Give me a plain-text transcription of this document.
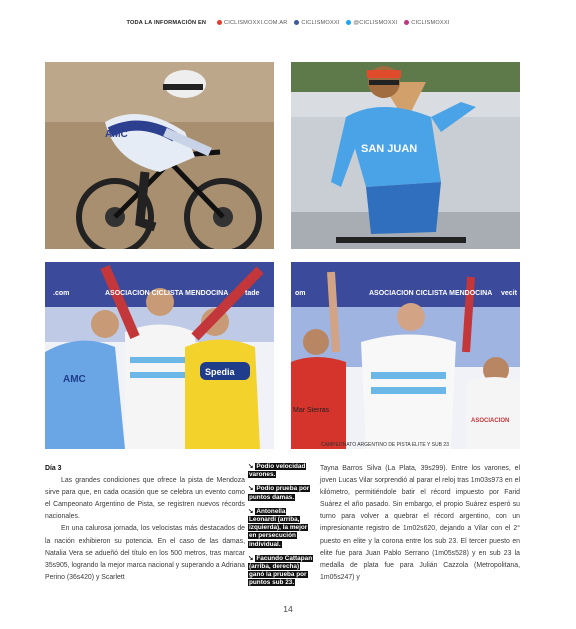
TODA LA INFORMACIÓN EN	CICLISMOXXI.COM.AR CICLISMOXXI @CICLISMOXXI CICLISMOXXI
AMC
SAN JUAN
.com	ASOCIACION CICLISTA MENDOCINA tade
Spedia
AMC
om	ASOCIACION CICLISTA MENDOCINA vecit
Mar Sierras
ASOCIACION
CAMPEONATO ARGENTINO DE PISTA ELITE Y SUB 23

Día 3

Las grandes condiciones que ofrece la pista de Mendoza sirve para que, en cada ocasión que se celebra un evento como el Campeonato Argentino de Pista, se registren nuevos récords nacionales.

En una calurosa jornada, los velocistas más destacados de la nación exhibieron su potencia. En el caso de las damas, Natalia Vera se adueñó del título en los 500 metros, tras marcar 35s905, logrando la mejor marca nacional y superando a Adriana Perino (36s420) y Scarlett

↘ Podio velocidad varones.
↘ Podio prueba por puntos damas.
↘ Antonella Leonardi (arriba, izquierda), la mejor en persecución individual.
↘ Facundo Cattapan (arriba, derecha) ganó la prueba por puntos sub 23.

Tayna Barros Silva (La Plata, 39s299). Entre los varones, el joven Lucas Vilar sorprendió al parar el reloj tras 1m03s973 en el kilómetro, permitiéndole batir el récord impuesto por Farid Suárez el año pasado. Sin embargo, el propio Suárez esperó su turno para volver a quebrar el récord argentino, con un impresionante registro de 1m02s620, dejando a Vilar con el 2° puesto en elite y la corona entre los sub 23. El tercer puesto en elite fue para Juan Pablo Serrano (1m05s528) y en sub 23 la medalla de plata fue para Julián Cazzola (Metropolitana, 1m05s247) y

14
